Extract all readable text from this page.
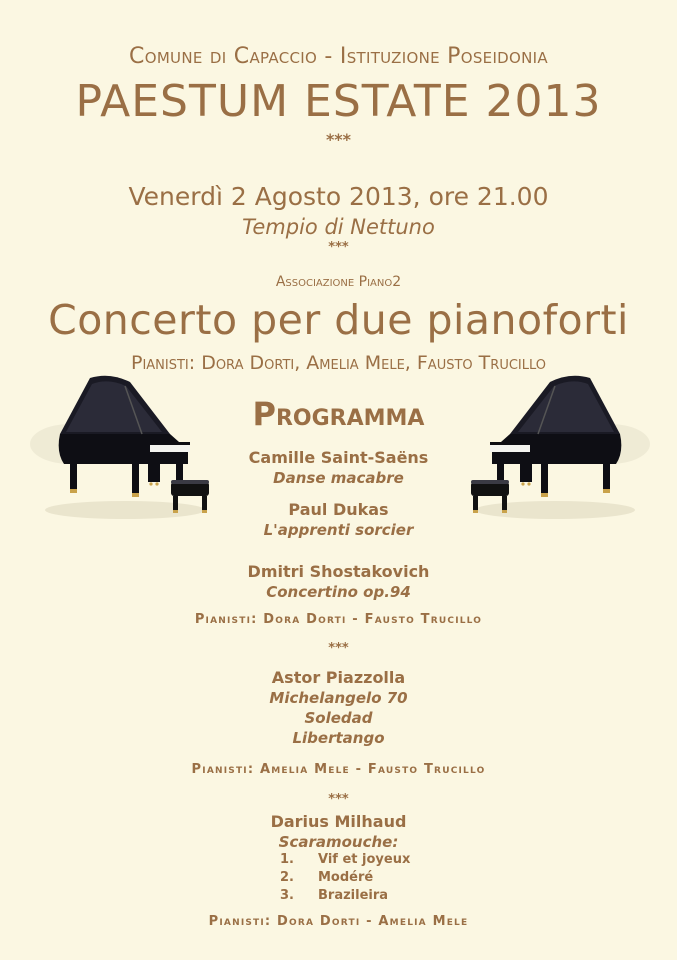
Comune di Capaccio - Istituzione Poseidonia
PAESTUM ESTATE 2013
***
Venerdì 2 Agosto 2013, ore 21.00
Tempio di Nettuno
***
Associazione Piano2
Concerto per due pianoforti
Pianisti: Dora Dorti, Amelia Mele, Fausto Trucillo
Programma
Camille Saint-Saëns
Danse macabre
Paul Dukas
L'apprenti sorcier
Dmitri Shostakovich
Concertino op.94
Pianisti: Dora Dorti - Fausto Trucillo
***
Astor Piazzolla
Michelangelo 70
Soledad
Libertango
Pianisti: Amelia Mele - Fausto Trucillo
***
Darius Milhaud
Scaramouche:
1. Vif et joyeux
2. Modéré
3. Brazileira
Pianisti: Dora Dorti - Amelia Mele
